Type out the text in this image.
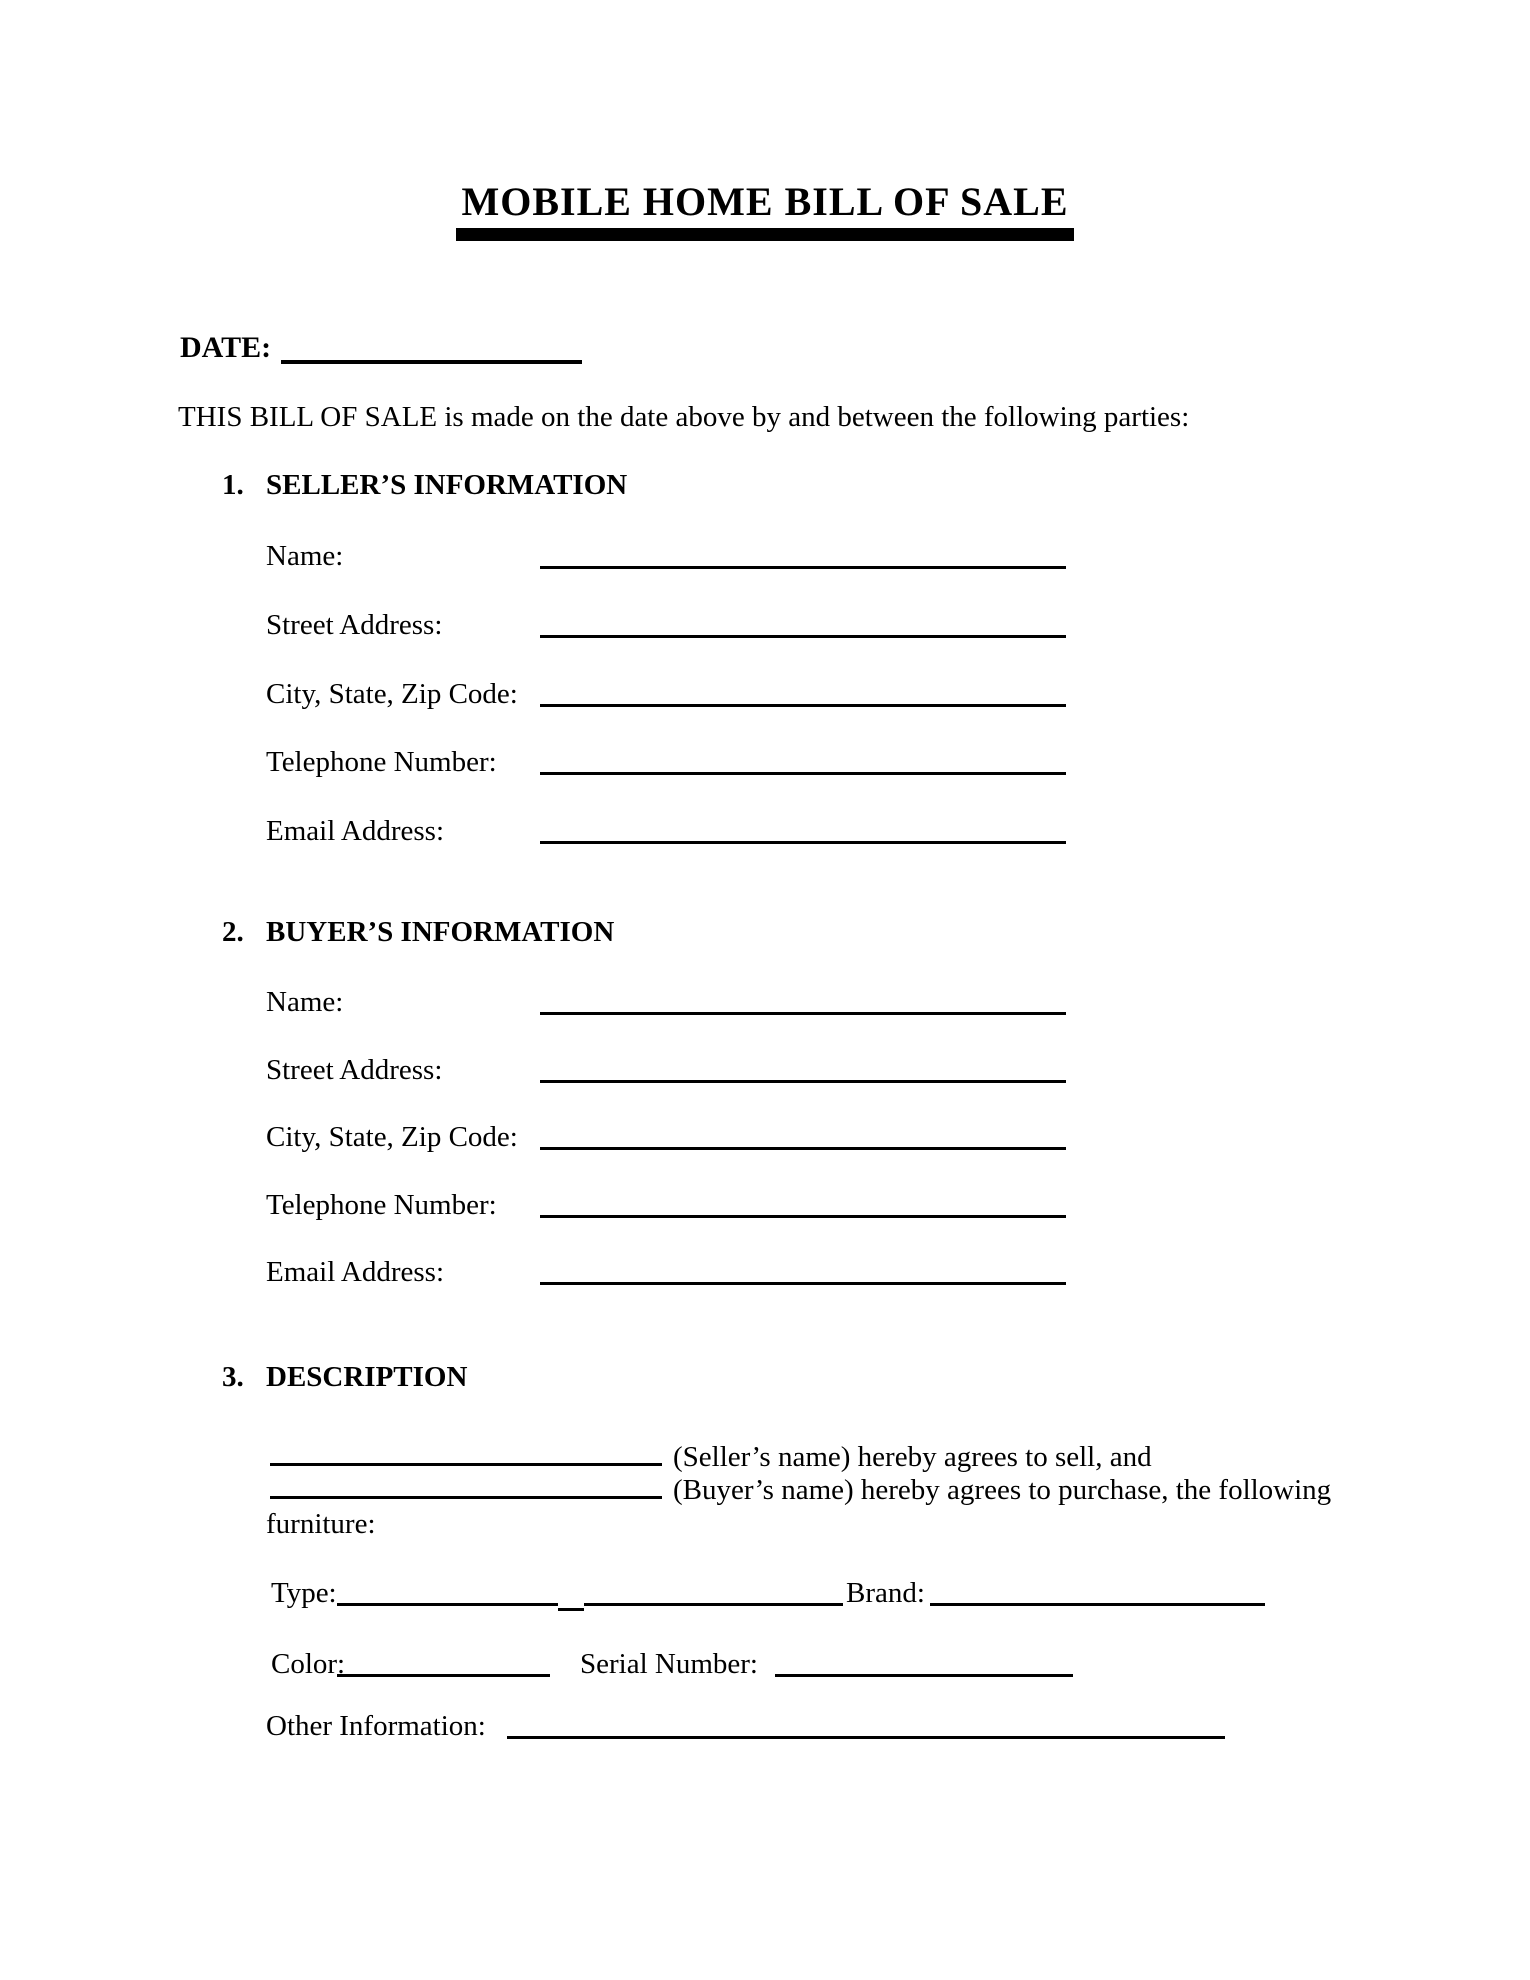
MOBILE HOME BILL OF SALE
DATE:
THIS BILL OF SALE is made on the date above by and between the following parties:
1. SELLER’S INFORMATION
Name:
Street Address:
City, State, Zip Code:
Telephone Number:
Email Address:
2. BUYER’S INFORMATION
Name:
Street Address:
City, State, Zip Code:
Telephone Number:
Email Address:
3. DESCRIPTION
(Seller’s name) hereby agrees to sell, and
(Buyer’s name) hereby agrees to purchase, the following
furniture:
Type:	Brand:
Color:	Serial Number:
Other Information:
